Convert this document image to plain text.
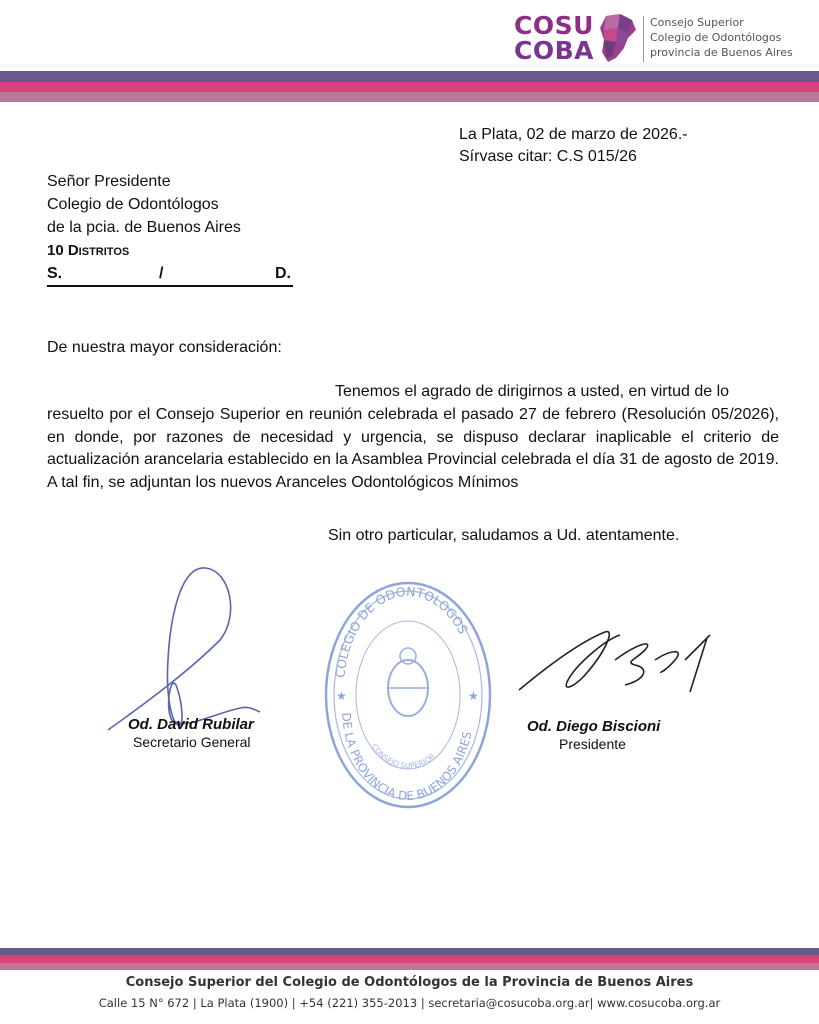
COSU
COBA
Consejo Superior
Colegio de Odontólogos
provincia de Buenos Aires
La Plata, 02 de marzo de 2026.-
Sírvase citar: C.S 015/26
Señor Presidente
Colegio de Odontólogos
de la pcia. de Buenos Aires
10 Distritos
S.	/	D.
De nuestra mayor consideración:
Tenemos el agrado de dirigirnos a usted, en virtud de lo
resuelto por el Consejo Superior en reunión celebrada el pasado 27 de febrero (Resolución 05/2026), en donde, por razones de necesidad y urgencia, se dispuso declarar inaplicable el criterio de actualización arancelaria establecido en la Asamblea Provincial celebrada el día 31 de agosto de 2019. A tal fin, se adjuntan los nuevos Aranceles Odontológicos Mínimos
Sin otro particular, saludamos a Ud. atentamente.
Od. David Rubilar
Secretario General
★	★
COLEGIO DE ODONTOLOGOS
DE LA PROVINCIA DE BUENOS AIRES
CONSEJO SUPERIOR
Od. Diego Biscioni
Presidente
Consejo Superior del Colegio de Odontólogos de la Provincia de Buenos Aires
Calle 15 N° 672 | La Plata (1900) | +54 (221) 355-2013 | secretaria@cosucoba.org.ar| www.cosucoba.org.ar
